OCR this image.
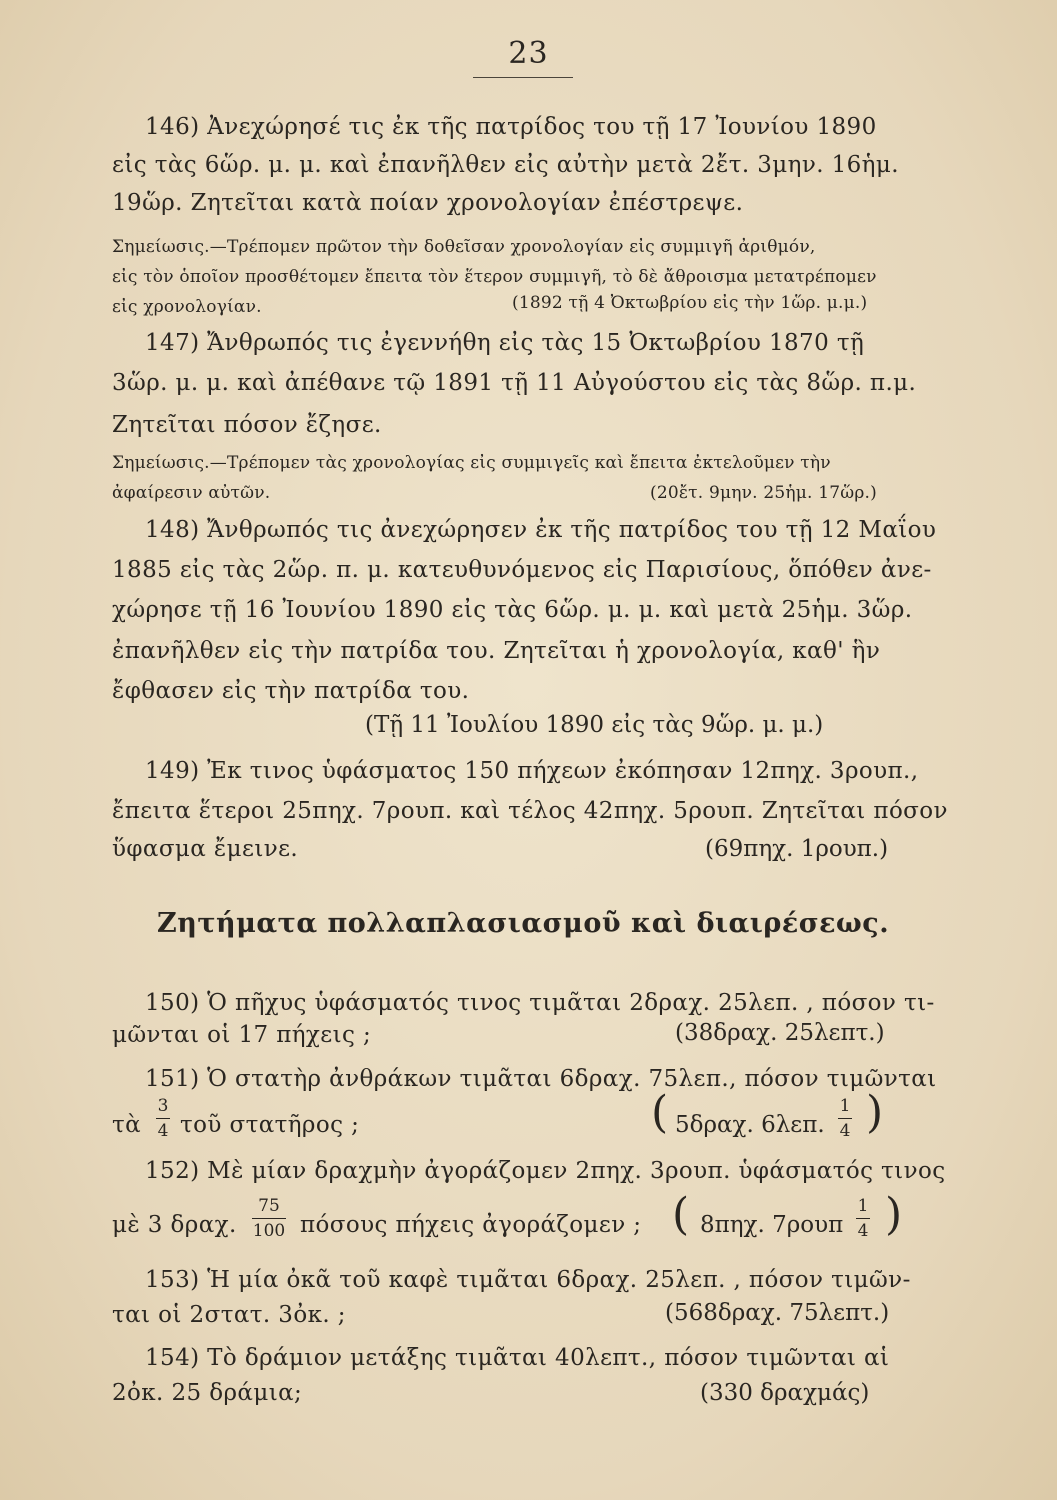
23
146) Ἀνεχώρησέ τις ἐκ τῆς πατρίδος του τῇ 17 Ἰουνίου 1890
εἰς τὰς 6ὥρ. μ. μ. καὶ ἐπανῆλθεν εἰς αὐτὴν μετὰ 2ἔτ. 3μην. 16ἡμ.
19ὥρ. Ζητεῖται κατὰ ποίαν χρονολογίαν ἐπέστρεψε.
Σημείωσις.—Τρέπομεν πρῶτον τὴν δοθεῖσαν χρονολογίαν εἰς συμμιγῆ ἀριθμόν,
εἰς τὸν ὁποῖον προσθέτομεν ἔπειτα τὸν ἕτερον συμμιγῆ, τὸ δὲ ἄθροισμα μετατρέπομεν
εἰς χρονολογίαν.	(1892 τῇ 4 Ὀκτωβρίου εἰς τὴν 1ὥρ. μ.μ.)
147) Ἄνθρωπός τις ἐγεννήθη εἰς τὰς 15 Ὀκτωβρίου 1870 τῇ
3ὥρ. μ. μ. καὶ ἀπέθανε τῷ 1891 τῇ 11 Αὐγούστου εἰς τὰς 8ὥρ. π.μ.
Ζητεῖται πόσον ἔζησε.
Σημείωσις.—Τρέπομεν τὰς χρονολογίας εἰς συμμιγεῖς καὶ ἔπειτα ἐκτελοῦμεν τὴν
ἀφαίρεσιν αὐτῶν.	(20ἔτ. 9μην. 25ἡμ. 17ὥρ.)
148) Ἄνθρωπός τις ἀνεχώρησεν ἐκ τῆς πατρίδος του τῇ 12 Μαΐου
1885 εἰς τὰς 2ὥρ. π. μ. κατευθυνόμενος εἰς Παρισίους, ὅπόθεν ἀνε-
χώρησε τῇ 16 Ἰουνίου 1890 εἰς τὰς 6ὥρ. μ. μ. καὶ μετὰ 25ἡμ. 3ὥρ.
ἐπανῆλθεν εἰς τὴν πατρίδα του. Ζητεῖται ἡ χρονολογία, καθ' ἣν
ἔφθασεν εἰς τὴν πατρίδα του.
(Τῇ 11 Ἰουλίου 1890 εἰς τὰς 9ὥρ. μ. μ.)
149) Ἐκ τινος ὑφάσματος 150 πήχεων ἐκόπησαν 12πηχ. 3ρουπ.,
ἔπειτα ἕτεροι 25πηχ. 7ρουπ. καὶ τέλος 42πηχ. 5ρουπ. Ζητεῖται πόσον
ὕφασμα ἔμεινε.	(69πηχ. 1ρουπ.)
Ζητήματα πολλαπλασιασμοῦ καὶ διαιρέσεως.
150) Ὁ πῆχυς ὑφάσματός τινος τιμᾶται 2δραχ. 25λεπ. , πόσον τι-
μῶνται οἱ 17 πήχεις ;	(38δραχ. 25λεπτ.)
151) Ὁ στατὴρ ἀνθράκων τιμᾶται 6δραχ. 75λεπ., πόσον τιμῶνται
τὰ
3
4 τοῦ στατῆρος ;	( 5δραχ. 6λεπ.
1
4 )
152) Μὲ μίαν δραχμὴν ἀγοράζομεν 2πηχ. 3ρουπ. ὑφάσματός τινος
μὲ 3 δραχ.
75
100 πόσους πήχεις ἀγοράζομεν ; ( 8πηχ. 7ρουπ
1
4 )
153) Ἡ μία ὀκᾶ τοῦ καφὲ τιμᾶται 6δραχ. 25λεπ. , πόσον τιμῶν-
ται οἱ 2στατ. 3ὀκ. ;	(568δραχ. 75λεπτ.)
154) Τὸ δράμιον μετάξης τιμᾶται 40λεπτ., πόσον τιμῶνται αἱ
2ὀκ. 25 δράμια;	(330 δραχμάς)
